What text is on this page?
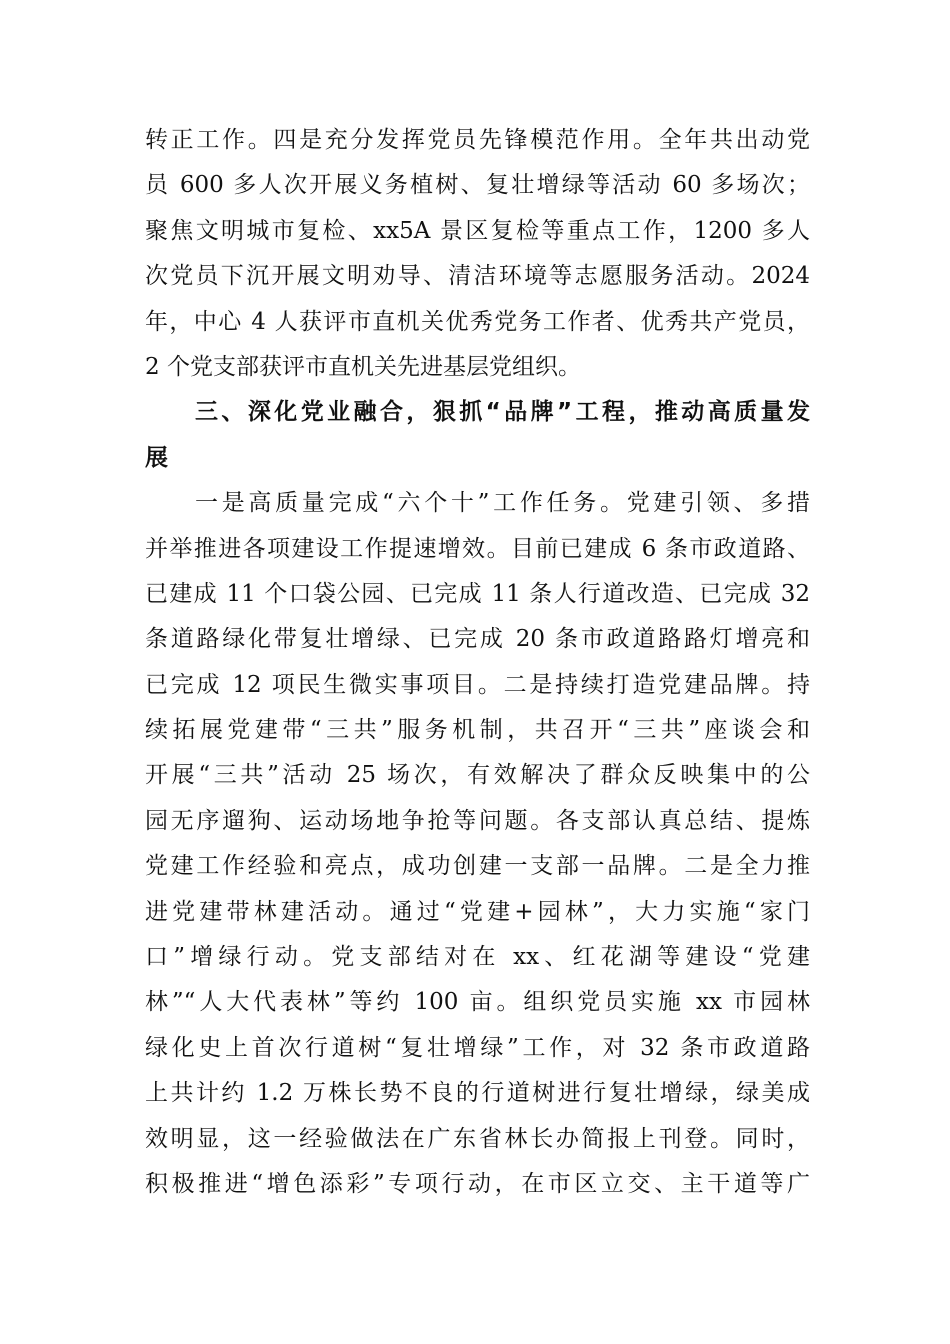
转正工作。四是充分发挥党员先锋模范作用。全年共出动党
员 600 多人次开展义务植树、复壮增绿等活动 60 多场次；
聚焦文明城市复检、xx5A 景区复检等重点工作，1200 多人
次党员下沉开展文明劝导、清洁环境等志愿服务活动。2024
年，中心 4 人获评市直机关优秀党务工作者、优秀共产党员，
2 个党支部获评市直机关先进基层党组织。
三、深化党业融合，狠抓“品牌”工程，推动高质量发
展
一是高质量完成“六个十”工作任务。党建引领、多措
并举推进各项建设工作提速增效。目前已建成 6 条市政道路、
已建成 11 个口袋公园、已完成 11 条人行道改造、已完成 32
条道路绿化带复壮增绿、已完成 20 条市政道路路灯增亮和
已完成 12 项民生微实事项目。二是持续打造党建品牌。持
续拓展党建带“三共”服务机制，共召开“三共”座谈会和
开展“三共”活动 25 场次，有效解决了群众反映集中的公
园无序遛狗、运动场地争抢等问题。各支部认真总结、提炼
党建工作经验和亮点，成功创建一支部一品牌。二是全力推
进党建带林建活动。通过“党建+园林”，大力实施“家门
口”增绿行动。党支部结对在 xx、红花湖等建设“党建
林”“人大代表林”等约 100 亩。组织党员实施 xx 市园林
绿化史上首次行道树“复壮增绿”工作，对 32 条市政道路
上共计约 1.2 万株长势不良的行道树进行复壮增绿，绿美成
效明显，这一经验做法在广东省林长办简报上刊登。同时，
积极推进“增色添彩”专项行动，在市区立交、主干道等广
